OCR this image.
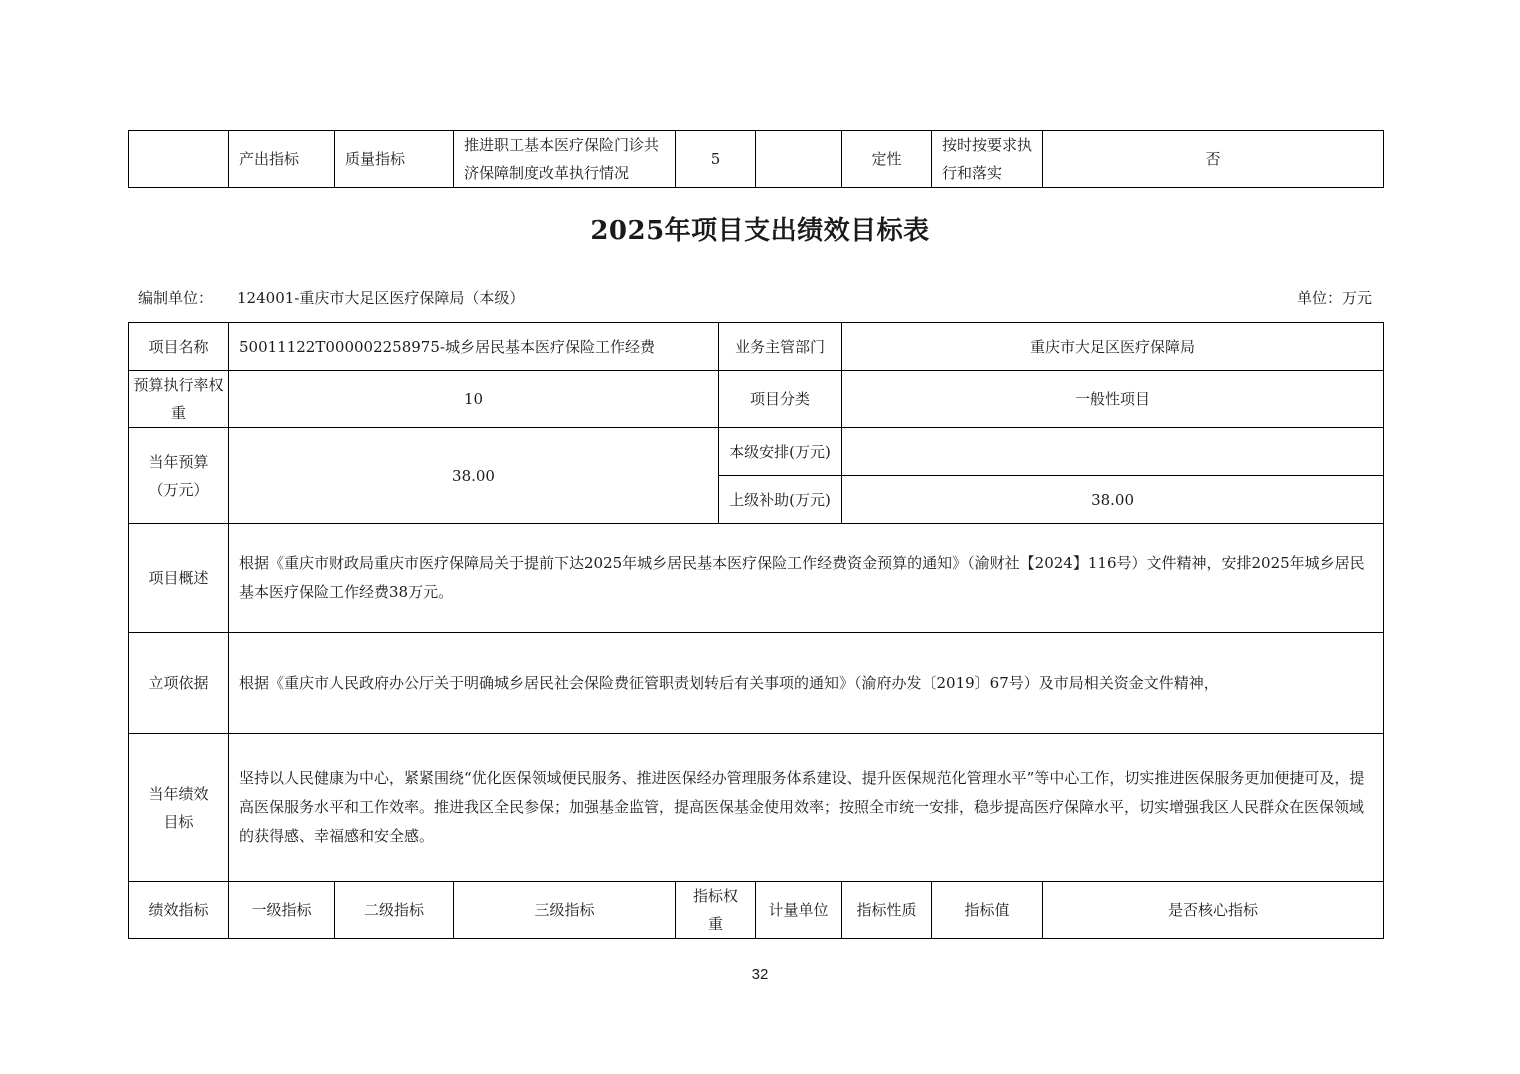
	产出指标	质量指标	推进职工基本医疗保险门诊共济保障制度改革执行情况	5		定性	按时按要求执行和落实	否
2025年项目支出绩效目标表
编制单位： 124001-重庆市大足区医疗保障局（本级）	单位：万元
项目名称	50011122T000002258975-城乡居民基本医疗保险工作经费				业务主管部门		重庆市大足区医疗保障局		
预算执行率权重	10				项目分类		一般性项目		
当年预算（万元）	38.00				本级安排(万元)				
					上级补助(万元)		38.00		
项目概述	根据《重庆市财政局重庆市医疗保障局关于提前下达2025年城乡居民基本医疗保险工作经费资金预算的通知》（渝财社【2024】116号）文件精神，安排2025年城乡居民基本医疗保险工作经费38万元。								
立项依据	根据《重庆市人民政府办公厅关于明确城乡居民社会保险费征管职责划转后有关事项的通知》（渝府办发〔2019〕67号）及市局相关资金文件精神，								
当年绩效目标	坚持以人民健康为中心，紧紧围绕“优化医保领域便民服务、推进医保经办管理服务体系建设、提升医保规范化管理水平”等中心工作，切实推进医保服务更加便捷可及，提高医保服务水平和工作效率。推进我区全民参保；加强基金监管，提高医保基金使用效率；按照全市统一安排，稳步提高医疗保障水平，切实增强我区人民群众在医保领域的获得感、幸福感和安全感。								
绩效指标	一级指标	二级指标	三级指标	指标权重		计量单位	指标性质	指标值	是否核心指标
32
